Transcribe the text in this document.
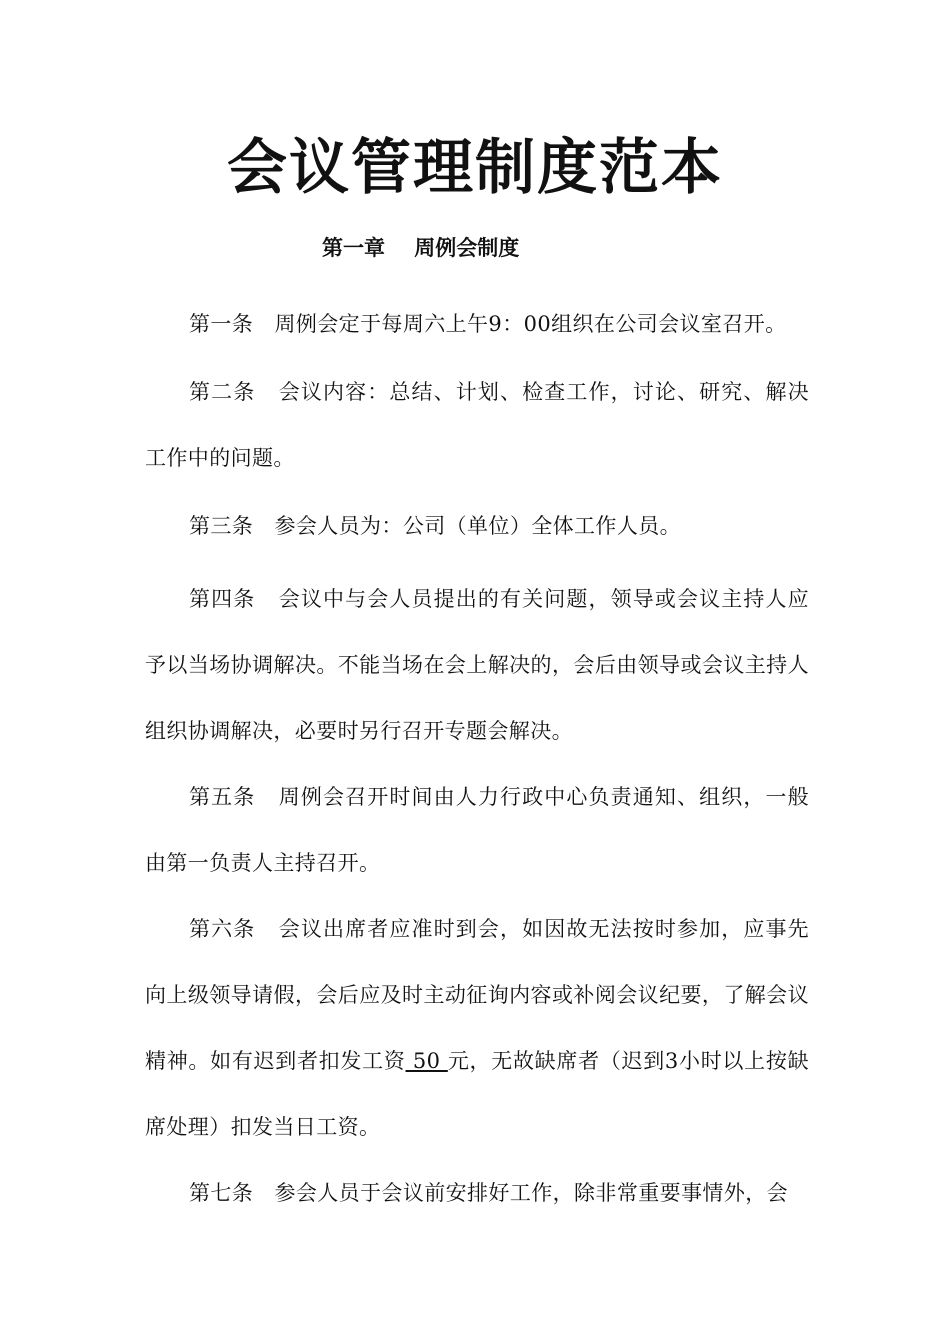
会议管理制度范本
第一章    周例会制度

第一条 周例会定于每周六上午9：00组织在公司会议室召开。

第二条 会议内容：总结、计划、检查工作，讨论、研究、解决工作中的问题。

第三条 参会人员为：公司（单位）全体工作人员。

第四条 会议中与会人员提出的有关问题，领导或会议主持人应予以当场协调解决。不能当场在会上解决的，会后由领导或会议主持人组织协调解决，必要时另行召开专题会解决。

第五条 周例会召开时间由人力行政中心负责通知、组织，一般由第一负责人主持召开。

第六条 会议出席者应准时到会，如因故无法按时参加，应事先向上级领导请假，会后应及时主动征询内容或补阅会议纪要，了解会议精神。如有迟到者扣发工资 50 元，无故缺席者（迟到3小时以上按缺席处理）扣发当日工资。

第七条 参会人员于会议前安排好工作，除非常重要事情外，会
